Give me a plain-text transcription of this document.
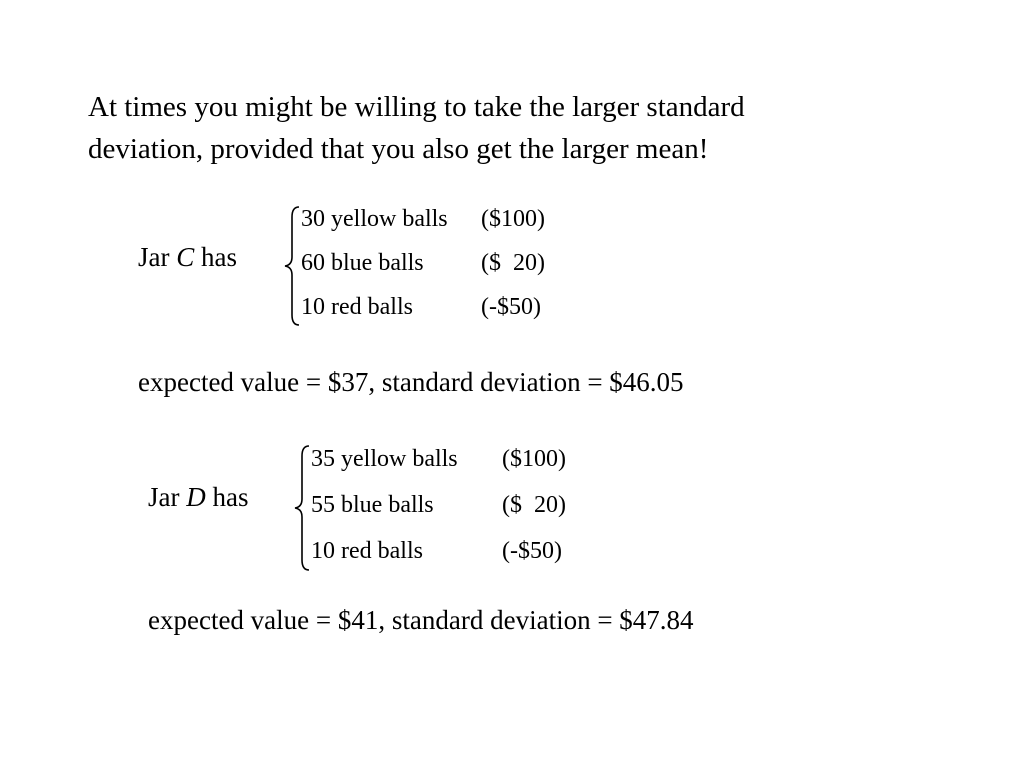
At times you might be willing to take the larger standard
deviation, provided that you also get the larger mean!
Jar C has
30 yellow balls ($100)
60 blue balls ($  20)
10 red balls	(-$50)
expected value = $37, standard deviation = $46.05
Jar D has
35 yellow balls ($100)
55 blue balls	($  20)
10 red balls	(-$50)
expected value = $41, standard deviation = $47.84
